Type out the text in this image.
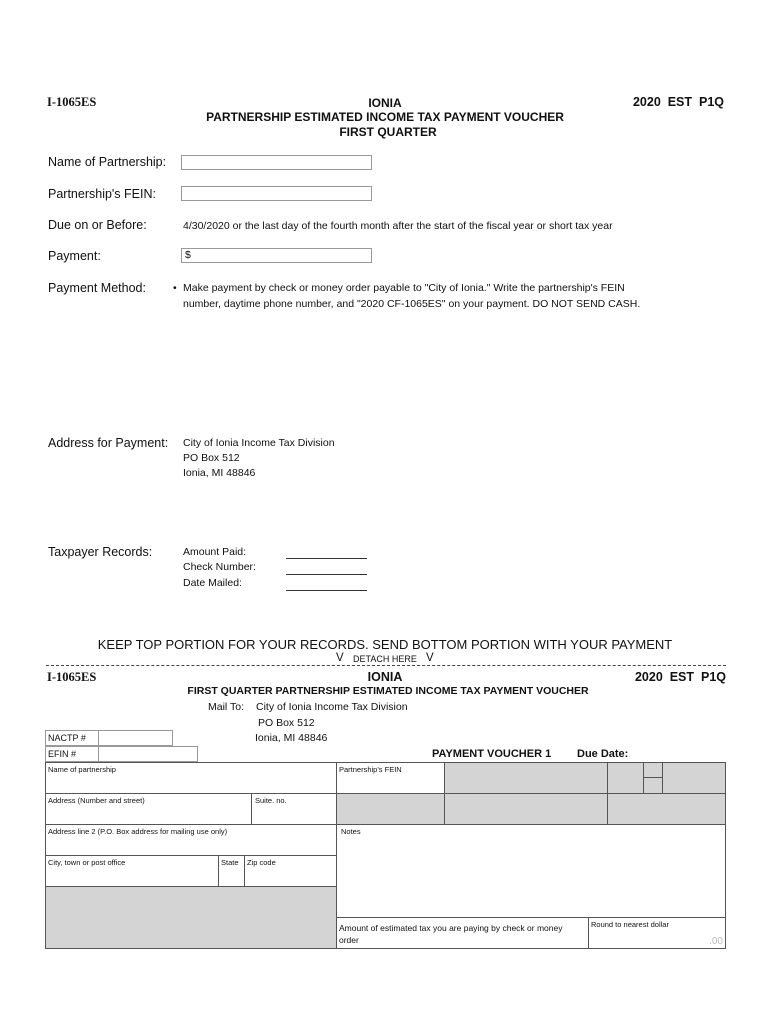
I-1065ES	IONIA	2020  EST  P1Q
PARTNERSHIP ESTIMATED INCOME TAX PAYMENT VOUCHER
FIRST QUARTER
Name of Partnership:
Partnership's FEIN:
Due on or Before:	4/30/2020 or the last day of the fourth month after the start of the fiscal year or short tax year
Payment:	$
Payment Method:	• Make payment by check or money order payable to "City of Ionia." Write the partnership's FEIN
number, daytime phone number, and "2020 CF-1065ES" on your payment. DO NOT SEND CASH.
Address for Payment: City of Ionia Income Tax Division
PO Box 512
Ionia, MI 48846
Taxpayer Records:	Amount Paid:
Check Number:
Date Mailed:
KEEP TOP PORTION FOR YOUR RECORDS. SEND BOTTOM PORTION WITH YOUR PAYMENT
V DETACH HERE V
I-1065ES	IONIA	2020  EST  P1Q
FIRST QUARTER PARTNERSHIP ESTIMATED INCOME TAX PAYMENT VOUCHER
Mail To: City of Ionia Income Tax Division
PO Box 512
Ionia, MI 48846
NACTP #
EFIN #	PAYMENT VOUCHER 1 Due Date:
Name of partnership	Partnership's FEIN
Address (Number and street)	Suite. no.
Address line 2 (P.O. Box address for mailing use only)	Notes
City, town or post office	State Zip code
Amount of estimated tax you are paying by check or money order
Round to nearest dollar
.00
